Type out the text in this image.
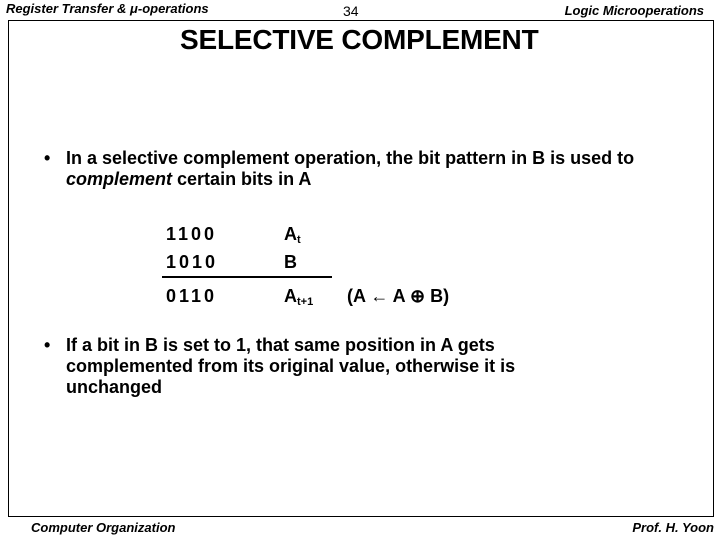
Register Transfer & μ-operations	34	Logic Microoperations
SELECTIVE COMPLEMENT
• In a selective complement operation, the bit pattern in B is used to complement certain bits in A
1100	$A_t$
1010	B
0110	$A_{t+1}$ (A ← A ⊕ B)
• If a bit in B is set to 1, that same position in A gets complemented from its original value, otherwise it is unchanged
Computer Organization	Prof. H. Yoon
